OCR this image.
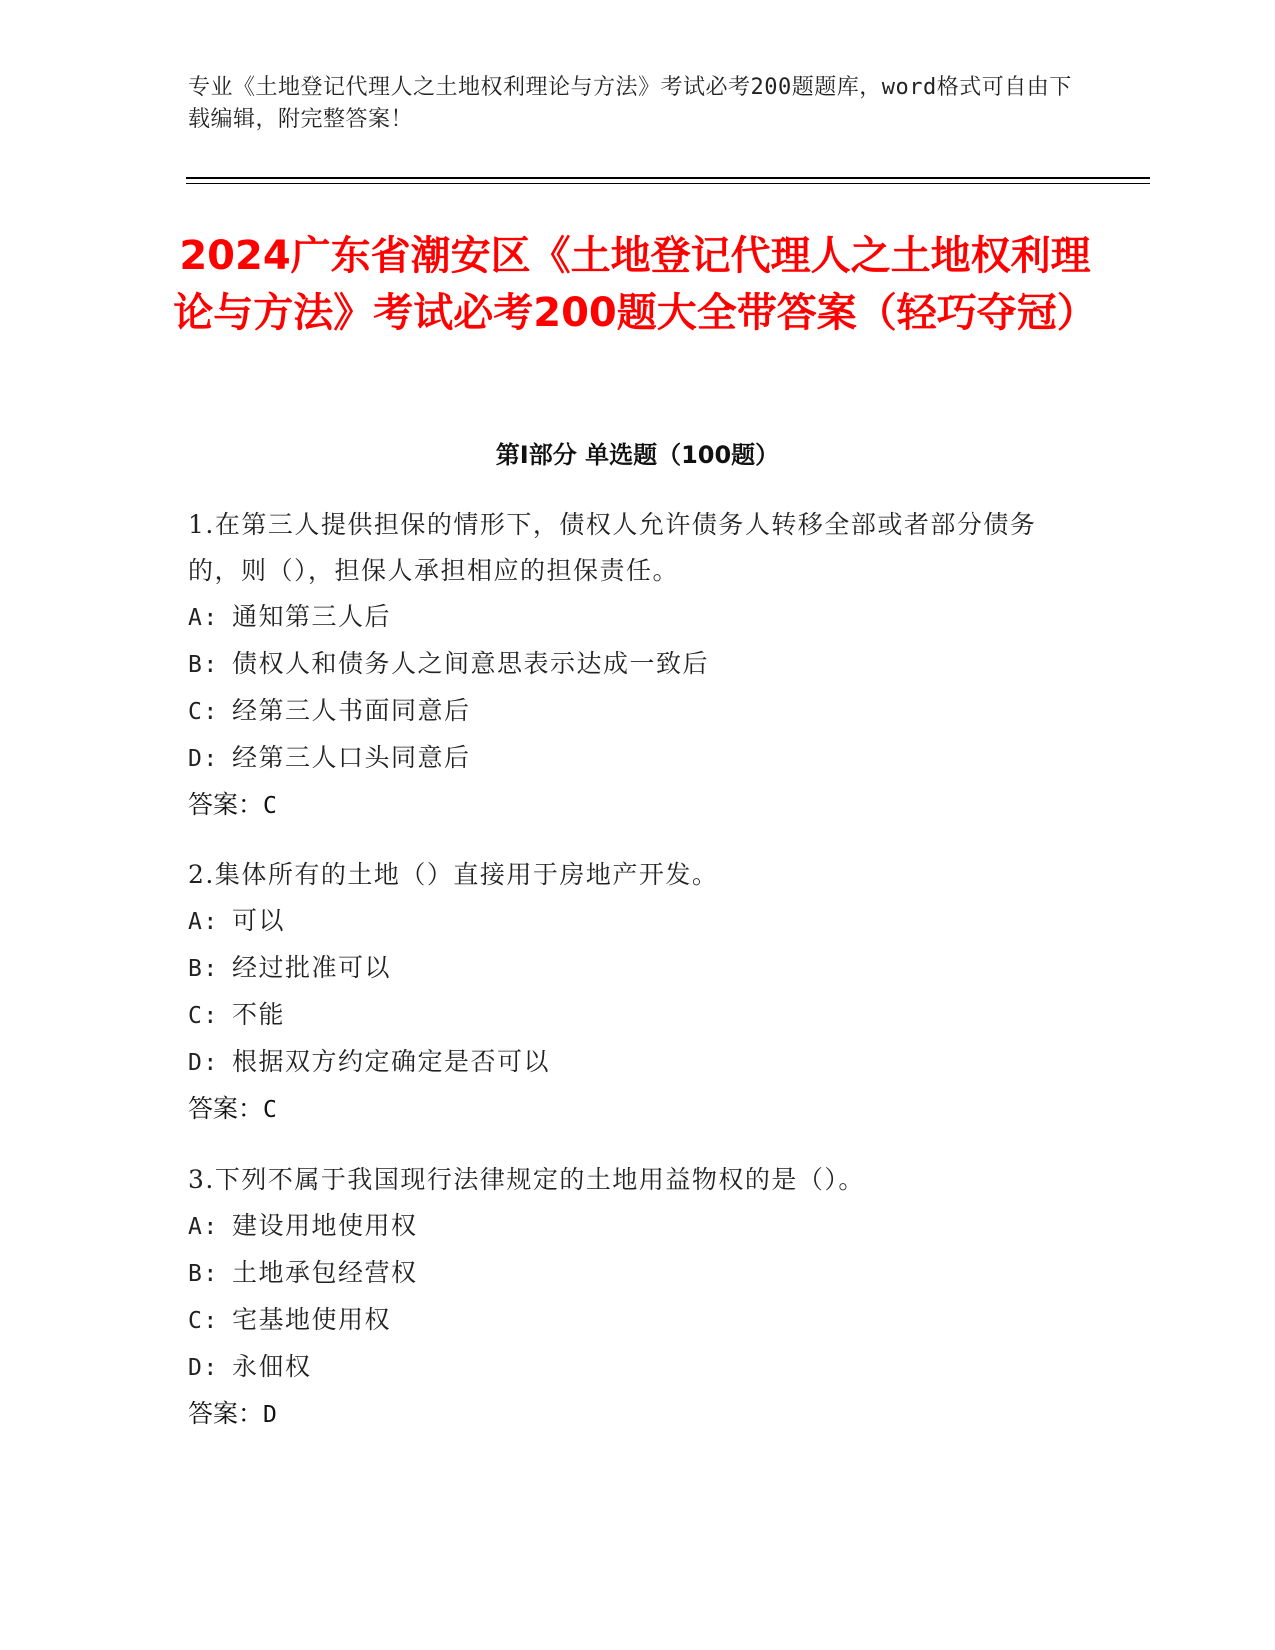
专业《土地登记代理人之土地权利理论与方法》考试必考200题题库，word格式可自由下载编辑，附完整答案！
2024广东省潮安区《土地登记代理人之土地权利理论与方法》考试必考200题大全带答案（轻巧夺冠）
第Ⅰ部分 单选题（100题）
1.在第三人提供担保的情形下，债权人允许债务人转移全部或者部分债务的，则（），担保人承担相应的担保责任。
A: 通知第三人后
B: 债权人和债务人之间意思表示达成一致后
C: 经第三人书面同意后
D: 经第三人口头同意后
答案：C
2.集体所有的土地（）直接用于房地产开发。
A: 可以
B: 经过批准可以
C: 不能
D: 根据双方约定确定是否可以
答案：C
3.下列不属于我国现行法律规定的土地用益物权的是（）。
A: 建设用地使用权
B: 土地承包经营权
C: 宅基地使用权
D: 永佃权
答案：D
